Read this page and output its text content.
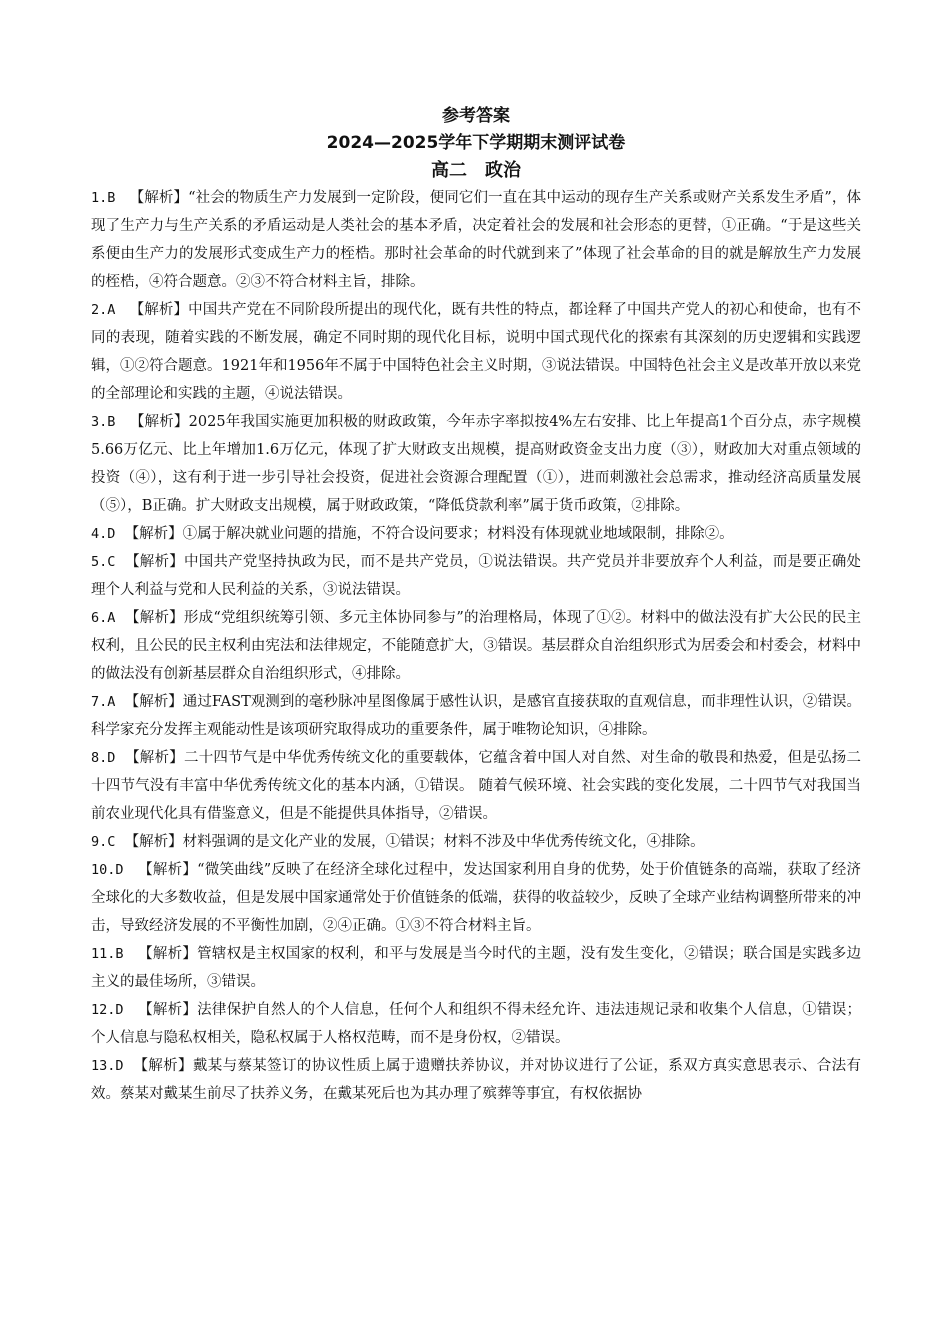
参考答案
2024—2025学年下学期期末测评试卷
高二　政治

1.B 【解析】“社会的物质生产力发展到一定阶段，便同它们一直在其中运动的现存生产关系或财产关系发生矛盾”，体现了生产力与生产关系的矛盾运动是人类社会的基本矛盾，决定着社会的发展和社会形态的更替，①正确。“于是这些关系便由生产力的发展形式变成生产力的桎梏。那时社会革命的时代就到来了”体现了社会革命的目的就是解放生产力发展的桎梏，④符合题意。②③不符合材料主旨，排除。

2.A 【解析】中国共产党在不同阶段所提出的现代化，既有共性的特点，都诠释了中国共产党人的初心和使命，也有不同的表现，随着实践的不断发展，确定不同时期的现代化目标，说明中国式现代化的探索有其深刻的历史逻辑和实践逻辑，①②符合题意。1921年和1956年不属于中国特色社会主义时期，③说法错误。中国特色社会主义是改革开放以来党的全部理论和实践的主题，④说法错误。

3.B 【解析】2025年我国实施更加积极的财政政策，今年赤字率拟按4%左右安排、比上年提高1个百分点，赤字规模5.66万亿元、比上年增加1.6万亿元，体现了扩大财政支出规模，提高财政资金支出力度（③），财政加大对重点领域的投资（④），这有利于进一步引导社会投资，促进社会资源合理配置（①），进而刺激社会总需求，推动经济高质量发展（⑤），B正确。扩大财政支出规模，属于财政政策，“降低贷款利率”属于货币政策，②排除。

4.D 【解析】①属于解决就业问题的措施，不符合设问要求；材料没有体现就业地域限制，排除②。

5.C 【解析】中国共产党坚持执政为民，而不是共产党员，①说法错误。共产党员并非要放弃个人利益，而是要正确处理个人利益与党和人民利益的关系，③说法错误。

6.A 【解析】形成“党组织统筹引领、多元主体协同参与”的治理格局，体现了①②。材料中的做法没有扩大公民的民主权利，且公民的民主权利由宪法和法律规定，不能随意扩大，③错误。基层群众自治组织形式为居委会和村委会，材料中的做法没有创新基层群众自治组织形式，④排除。

7.A 【解析】通过FAST观测到的毫秒脉冲星图像属于感性认识，是感官直接获取的直观信息，而非理性认识，②错误。科学家充分发挥主观能动性是该项研究取得成功的重要条件，属于唯物论知识，④排除。

8.D 【解析】二十四节气是中华优秀传统文化的重要载体，它蕴含着中国人对自然、对生命的敬畏和热爱，但是弘扬二十四节气没有丰富中华优秀传统文化的基本内涵，①错误。 随着气候环境、社会实践的变化发展，二十四节气对我国当前农业现代化具有借鉴意义，但是不能提供具体指导，②错误。

9.C 【解析】材料强调的是文化产业的发展，①错误；材料不涉及中华优秀传统文化，④排除。

10.D 【解析】“微笑曲线”反映了在经济全球化过程中，发达国家利用自身的优势，处于价值链条的高端，获取了经济全球化的大多数收益，但是发展中国家通常处于价值链条的低端，获得的收益较少，反映了全球产业结构调整所带来的冲击，导致经济发展的不平衡性加剧，②④正确。①③不符合材料主旨。

11.B 【解析】管辖权是主权国家的权利，和平与发展是当今时代的主题，没有发生变化，②错误；联合国是实践多边主义的最佳场所，③错误。

12.D 【解析】法律保护自然人的个人信息，任何个人和组织不得未经允许、违法违规记录和收集个人信息，①错误；个人信息与隐私权相关，隐私权属于人格权范畴，而不是身份权，②错误。

13.D 【解析】戴某与蔡某签订的协议性质上属于遗赠扶养协议，并对协议进行了公证，系双方真实意思表示、合法有效。蔡某对戴某生前尽了扶养义务，在戴某死后也为其办理了殡葬等事宜，有权依据协
